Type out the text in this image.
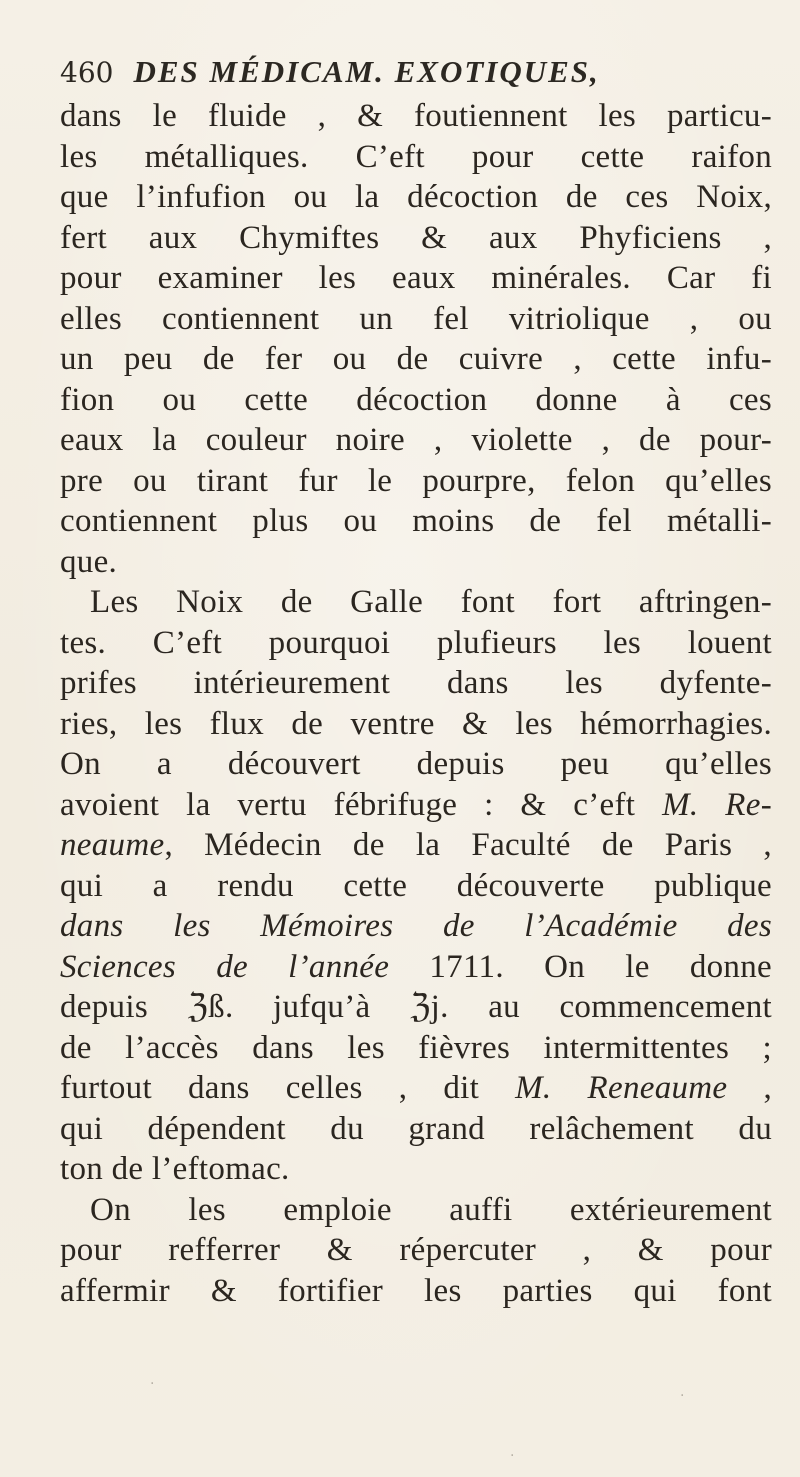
460 DES MÉDICAM. EXOTIQUES,
dans le fluide , & foutiennent les particu-
les métalliques. C’eft pour cette raifon
que l’infufion ou la décoction de ces Noix,
fert aux Chymiftes & aux Phyficiens ,
pour examiner les eaux minérales. Car fi
elles contiennent un fel vitriolique , ou
un peu de fer ou de cuivre , cette infu-
fion ou cette décoction donne à ces
eaux la couleur noire , violette , de pour-
pre ou tirant fur le pourpre, felon qu’elles
contiennent plus ou moins de fel métalli-
que.
Les Noix de Galle font fort aftringen-
tes. C’eft pourquoi plufieurs les louent
prifes intérieurement dans les dyfente-
ries, les flux de ventre & les hémorrhagies.
On a découvert depuis peu qu’elles
avoient la vertu fébrifuge : & c’eft M. Re-
neaume, Médecin de la Faculté de Paris ,
qui a rendu cette découverte publique
dans les Mémoires de l’Académie des
Sciences de l’année 1711. On le donne
depuis ℨß. jufqu’à ℨj. au commencement
de l’accès dans les fièvres intermittentes ;
furtout dans celles , dit M. Reneaume ,
qui dépendent du grand relâchement du
ton de l’eftomac.
On les emploie auffi extérieurement
pour refferrer & répercuter , & pour
affermir & fortifier les parties qui font
·
·
·
